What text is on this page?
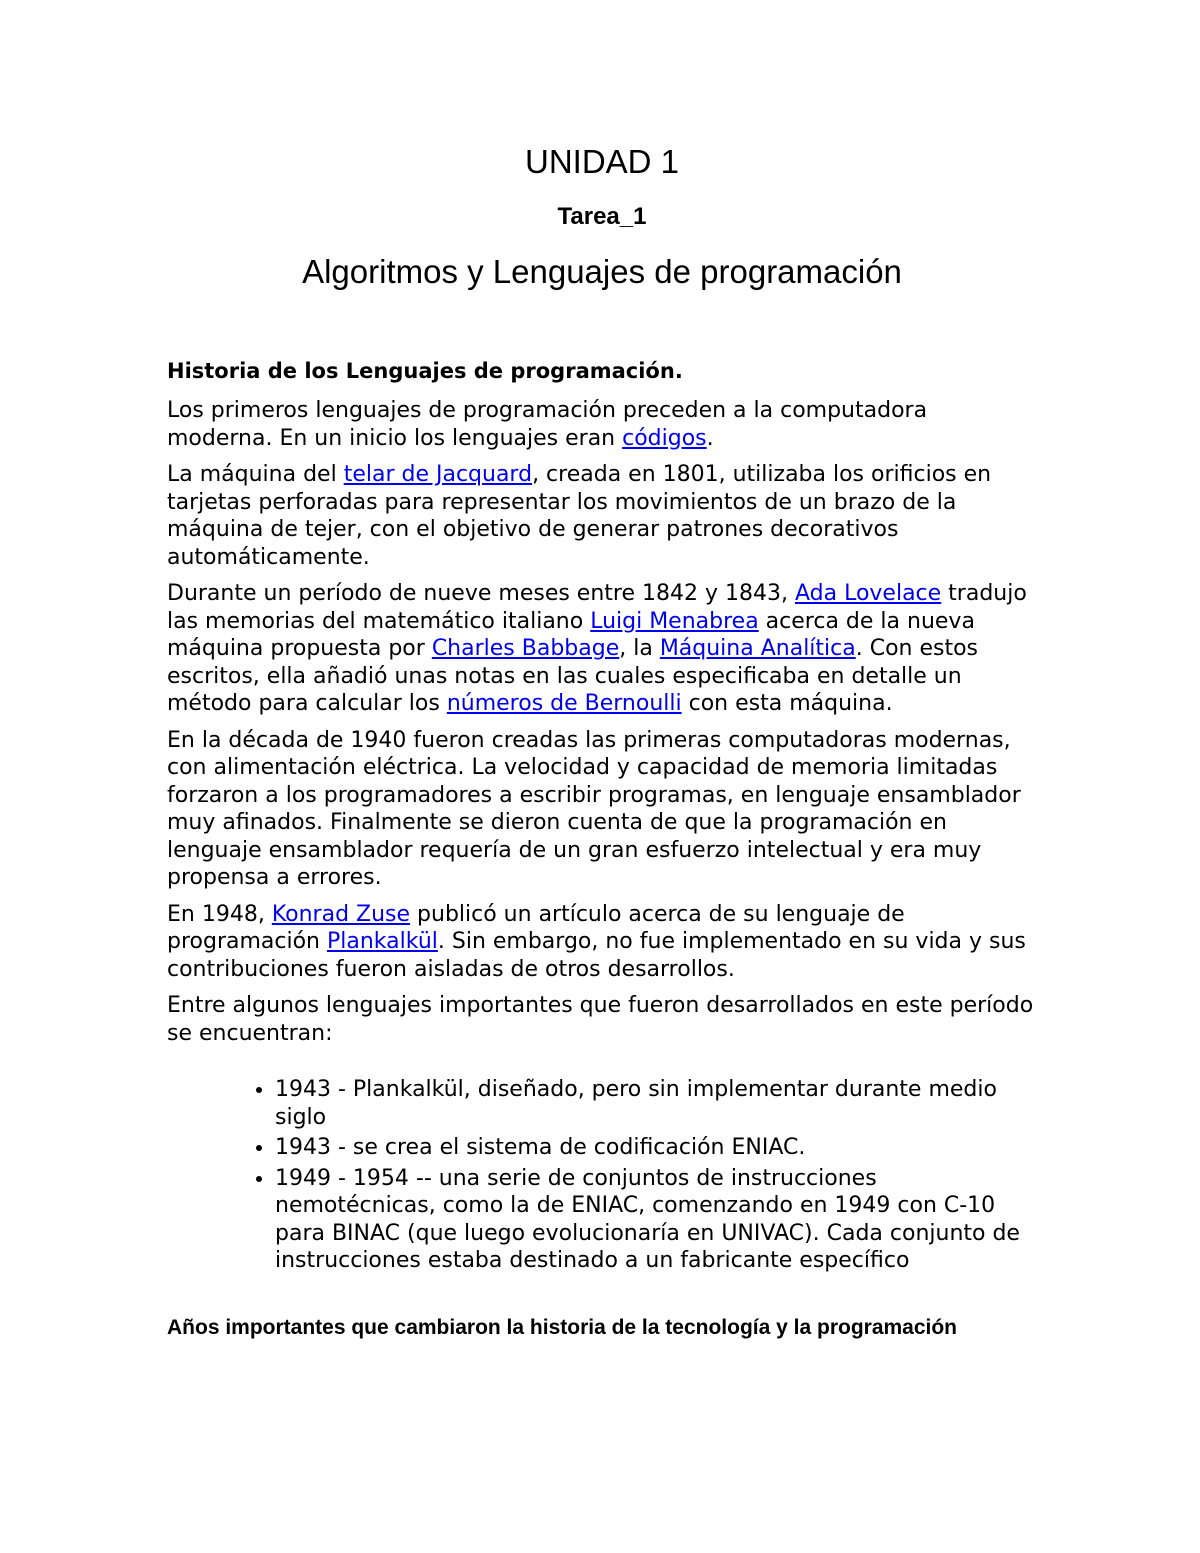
UNIDAD 1
Tarea_1
Algoritmos y Lenguajes de programación
Historia de los Lenguajes de programación.

Los primeros lenguajes de programación preceden a la computadora moderna. En un inicio los lenguajes eran códigos.

La máquina del telar de Jacquard, creada en 1801, utilizaba los orificios en tarjetas perforadas para representar los movimientos de un brazo de la máquina de tejer, con el objetivo de generar patrones decorativos automáticamente.

Durante un período de nueve meses entre 1842 y 1843, Ada Lovelace tradujo las memorias del matemático italiano Luigi Menabrea acerca de la nueva máquina propuesta por Charles Babbage, la Máquina Analítica. Con estos escritos, ella añadió unas notas en las cuales especificaba en detalle un método para calcular los números de Bernoulli con esta máquina.

En la década de 1940 fueron creadas las primeras computadoras modernas, con alimentación eléctrica. La velocidad y capacidad de memoria limitadas forzaron a los programadores a escribir programas, en lenguaje ensamblador muy afinados. Finalmente se dieron cuenta de que la programación en lenguaje ensamblador requería de un gran esfuerzo intelectual y era muy propensa a errores.

En 1948, Konrad Zuse publicó un artículo acerca de su lenguaje de programación Plankalkül. Sin embargo, no fue implementado en su vida y sus contribuciones fueron aisladas de otros desarrollos.

Entre algunos lenguajes importantes que fueron desarrollados en este período se encuentran:

• 1943 - Plankalkül, diseñado, pero sin implementar durante medio siglo
• 1943 - se crea el sistema de codificación ENIAC.
• 1949 - 1954 -- una serie de conjuntos de instrucciones nemotécnicas, como la de ENIAC, comenzando en 1949 con C-10 para BINAC (que luego evolucionaría en UNIVAC). Cada conjunto de instrucciones estaba destinado a un fabricante específico
Años importantes que cambiaron la historia de la tecnología y la programación
